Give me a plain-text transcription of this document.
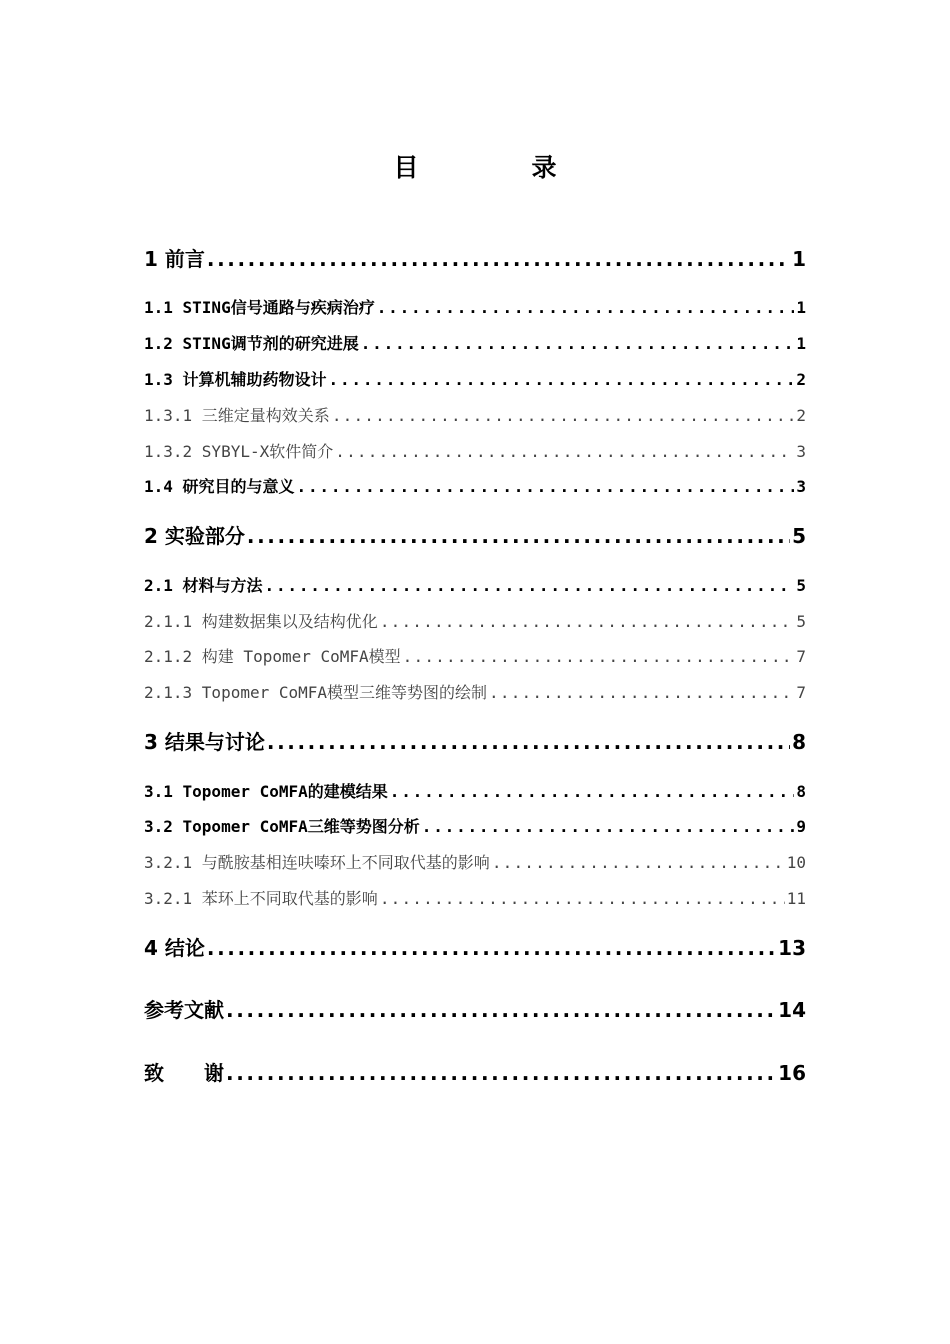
目　录
1 前言 .....	1
1.1 STING信号通路与疾病治疗 .....	1
1.2 STING调节剂的研究进展 .....	1
1.3 计算机辅助药物设计 .....	2
1.3.1 三维定量构效关系 .....	2
1.3.2 SYBYL-X软件简介 .....	3
1.4 研究目的与意义 .....	3
2 实验部分 .....	5
2.1 材料与方法 .....	5
2.1.1 构建数据集以及结构优化 .....	5
2.1.2 构建 Topomer CoMFA模型 .....	7
2.1.3 Topomer CoMFA模型三维等势图的绘制 .....	7
3 结果与讨论 .....	8
3.1 Topomer CoMFA的建模结果 .....	8
3.2 Topomer CoMFA三维等势图分析 .....	9
3.2.1 与酰胺基相连呋嗪环上不同取代基的影响 .....	10
3.2.1 苯环上不同取代基的影响 .....	11
4 结论 .....	13
参考文献 .....	14
致　　谢 .....	16
